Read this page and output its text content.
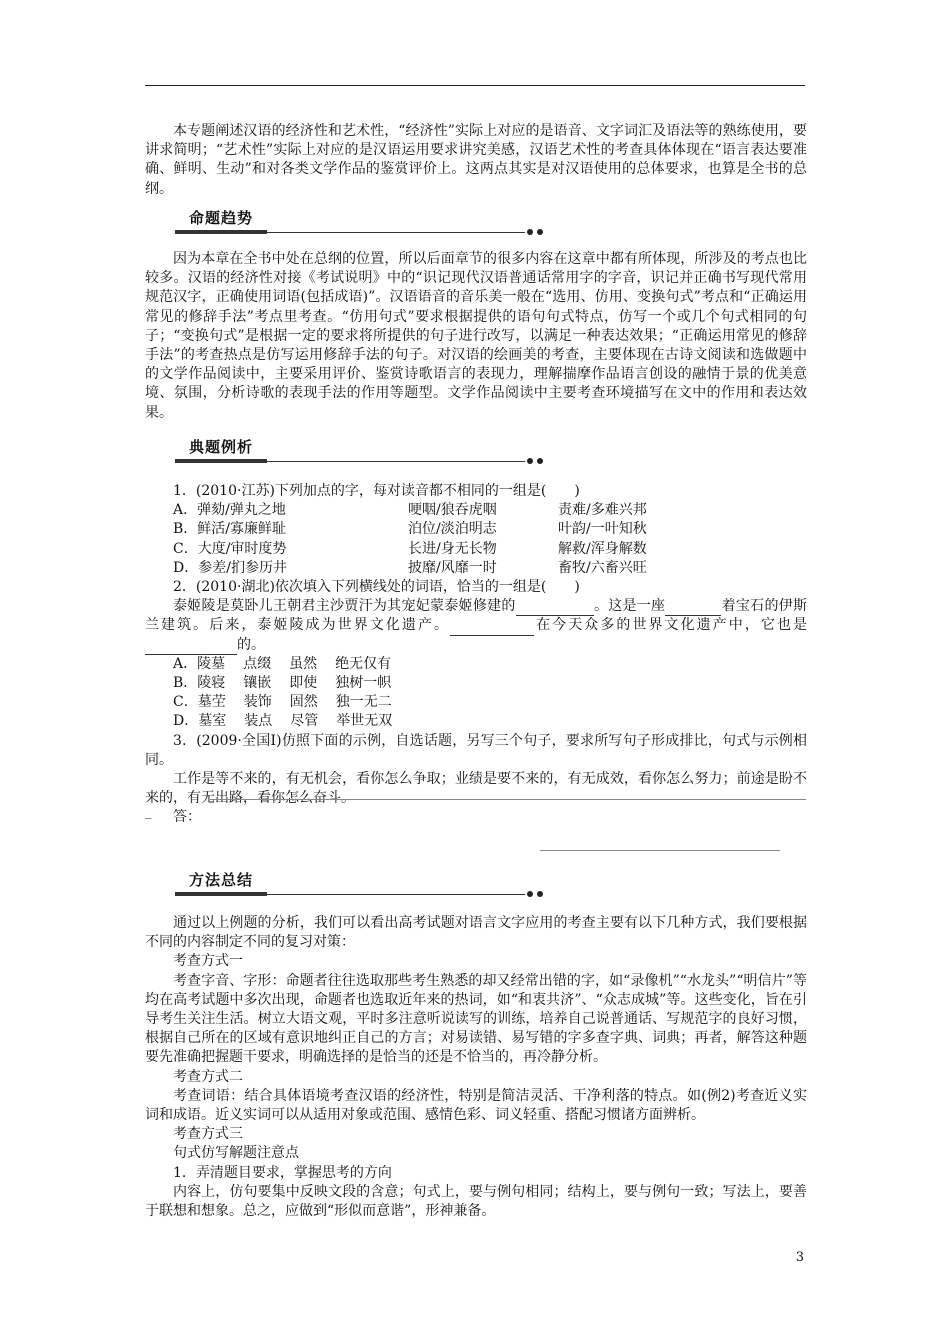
本专题阐述汉语的经济性和艺术性，“经济性”实际上对应的是语音、文字词汇及语法等的熟练使用，要讲求简明；“艺术性”实际上对应的是汉语运用要求讲究美感，汉语艺术性的考查具体体现在“语言表达要准确、鲜明、生动”和对各类文学作品的鉴赏评价上。这两点其实是对汉语使用的总体要求，也算是全书的总纲。

命题趋势

因为本章在全书中处在总纲的位置，所以后面章节的很多内容在这章中都有所体现，所涉及的考点也比较多。汉语的经济性对接《考试说明》中的“识记现代汉语普通话常用字的字音，识记并正确书写现代常用规范汉字，正确使用词语(包括成语)”。汉语语音的音乐美一般在“选用、仿用、变换句式”考点和“正确运用常见的修辞手法”考点里考查。“仿用句式”要求根据提供的语句句式特点，仿写一个或几个句式相同的句子；“变换句式”是根据一定的要求将所提供的句子进行改写，以满足一种表达效果；“正确运用常见的修辞手法”的考查热点是仿写运用修辞手法的句子。对汉语的绘画美的考查，主要体现在古诗文阅读和选做题中的文学作品阅读中，主要采用评价、鉴赏诗歌语言的表现力，理解揣摩作品语言创设的融情于景的优美意境、氛围，分析诗歌的表现手法的作用等题型。文学作品阅读中主要考查环境描写在文中的作用和表达效果。

典题例析

1．(2010·江苏)下列加点的字，每对读音都不相同的一组是(　　)

A．弹劾/弹丸之地	哽咽/狼吞虎咽	责难/多难兴邦
B．鲜活/寡廉鲜耻	泊位/淡泊明志	叶韵/一叶知秋
C．大度/审时度势	长进/身无长物	解救/浑身解数
D．参差/扪参历井	披靡/风靡一时	畜牧/六畜兴旺

2．(2010·湖北)依次填入下列横线处的词语，恰当的一组是(　　)

泰姬陵是莫卧儿王朝君主沙贾汗为其宠妃蒙泰姬修建的	。这是一座	着宝石的伊斯兰建筑。后来，泰姬陵成为世界文化遗产。	在今天众多的世界文化遗产中，它也是的。

A．陵墓 点缀 虽然 绝无仅有
B．陵寝 镶嵌 即使 独树一帜
C．墓茔 装饰 固然 独一无二
D．墓室 装点 尽管 举世无双

3．(2009·全国Ⅰ)仿照下面的示例，自选话题，另写三个句子，要求所写句子形成排比，句式与示例相同。

工作是等不来的，有无机会，看你怎么争取；业绩是要不来的，有无成效，看你怎么努力；前途是盼不来的，有无出路，看你怎么奋斗。

答：

_
方法总结

通过以上例题的分析，我们可以看出高考试题对语言文字应用的考查主要有以下几种方式，我们要根据不同的内容制定不同的复习对策：

考查方式一

考查字音、字形：命题者往往选取那些考生熟悉的却又经常出错的字，如“录像机”“水龙头”“明信片”等均在高考试题中多次出现，命题者也选取近年来的热词，如“和衷共济”、“众志成城”等。这些变化，旨在引导考生关注生活。树立大语文观，平时多注意听说读写的训练，培养自己说普通话、写规范字的良好习惯，根据自己所在的区域有意识地纠正自己的方言；对易读错、易写错的字多查字典、词典；再者，解答这种题要先准确把握题干要求，明确选择的是恰当的还是不恰当的，再冷静分析。

考查方式二

考查词语：结合具体语境考查汉语的经济性，特别是简洁灵活、干净利落的特点。如(例2)考查近义实词和成语。近义实词可以从适用对象或范围、感情色彩、词义轻重、搭配习惯诸方面辨析。

考查方式三

句式仿写解题注意点

1．弄清题目要求，掌握思考的方向

内容上，仿句要集中反映文段的含意；句式上，要与例句相同；结构上，要与例句一致；写法上，要善于联想和想象。总之，应做到“形似而意谐”，形神兼备。

3
